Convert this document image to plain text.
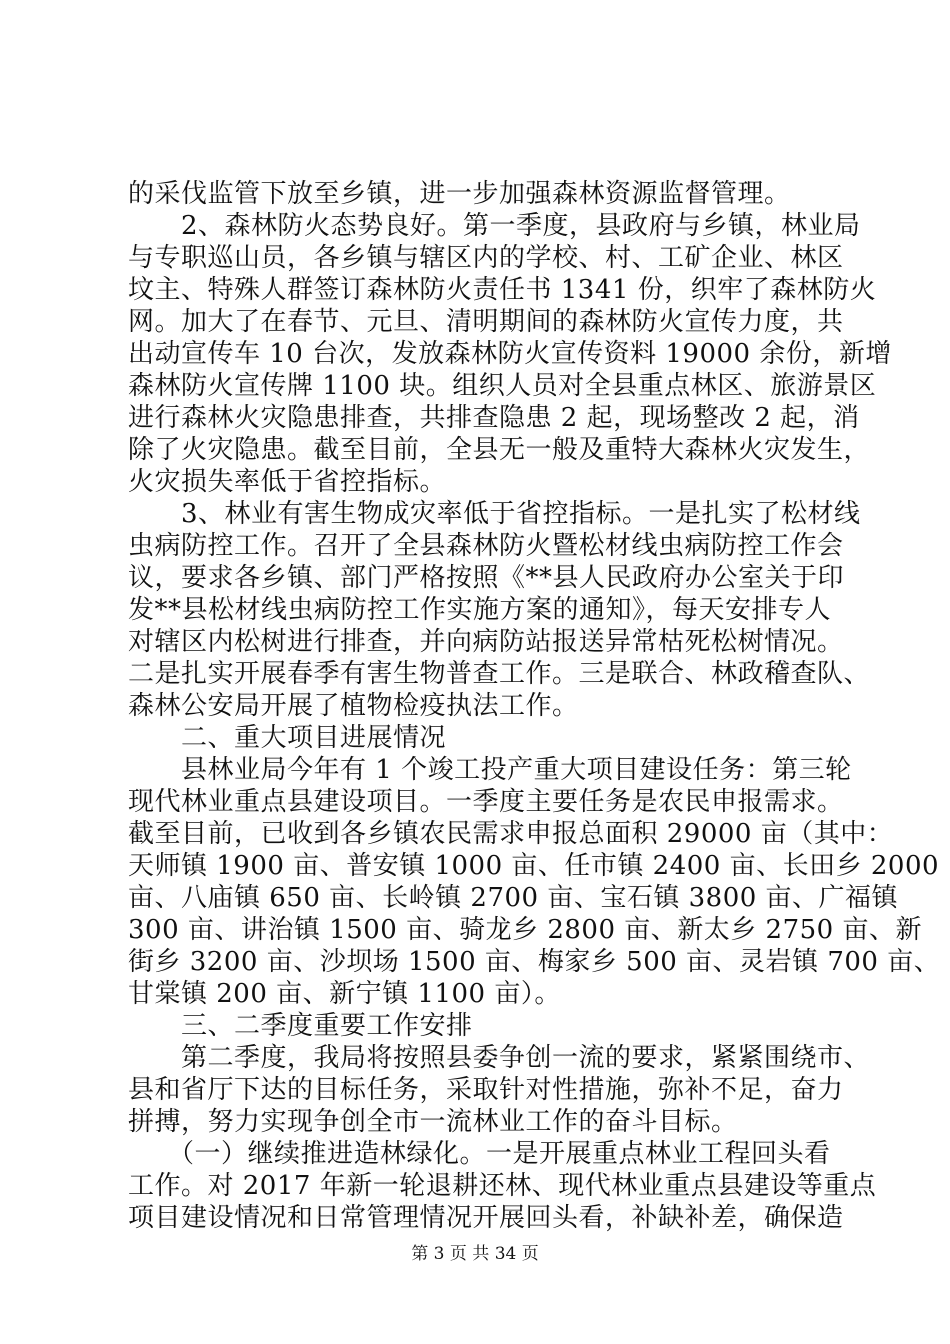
的采伐监管下放至乡镇，进一步加强森林资源监督管理。
　　2、森林防火态势良好。第一季度，县政府与乡镇，林业局
与专职巡山员，各乡镇与辖区内的学校、村、工矿企业、林区
坟主、特殊人群签订森林防火责任书 1341 份，织牢了森林防火
网。加大了在春节、元旦、清明期间的森林防火宣传力度，共
出动宣传车 10 台次，发放森林防火宣传资料 19000 余份，新增
森林防火宣传牌 1100 块。组织人员对全县重点林区、旅游景区
进行森林火灾隐患排查，共排查隐患 2 起，现场整改 2 起，消
除了火灾隐患。截至目前，全县无一般及重特大森林火灾发生，
火灾损失率低于省控指标。
　　3、林业有害生物成灾率低于省控指标。一是扎实了松材线
虫病防控工作。召开了全县森林防火暨松材线虫病防控工作会
议，要求各乡镇、部门严格按照《**县人民政府办公室关于印
发**县松材线虫病防控工作实施方案的通知》，每天安排专人
对辖区内松树进行排查，并向病防站报送异常枯死松树情况。
二是扎实开展春季有害生物普查工作。三是联合、林政稽查队、
森林公安局开展了植物检疫执法工作。
　　二、重大项目进展情况
　　县林业局今年有 1 个竣工投产重大项目建设任务：第三轮
现代林业重点县建设项目。一季度主要任务是农民申报需求。
截至目前，已收到各乡镇农民需求申报总面积 29000 亩（其中：
天师镇 1900 亩、普安镇 1000 亩、任市镇 2400 亩、长田乡 2000
亩、八庙镇 650 亩、长岭镇 2700 亩、宝石镇 3800 亩、广福镇
300 亩、讲治镇 1500 亩、骑龙乡 2800 亩、新太乡 2750 亩、新
街乡 3200 亩、沙坝场 1500 亩、梅家乡 500 亩、灵岩镇 700 亩、
甘棠镇 200 亩、新宁镇 1100 亩）。
　　三、二季度重要工作安排
　　第二季度，我局将按照县委争创一流的要求，紧紧围绕市、
县和省厅下达的目标任务，采取针对性措施，弥补不足，奋力
拼搏，努力实现争创全市一流林业工作的奋斗目标。
　　（一）继续推进造林绿化。一是开展重点林业工程回头看
工作。对 2017 年新一轮退耕还林、现代林业重点县建设等重点
项目建设情况和日常管理情况开展回头看，补缺补差，确保造
第 3 页 共 34 页
